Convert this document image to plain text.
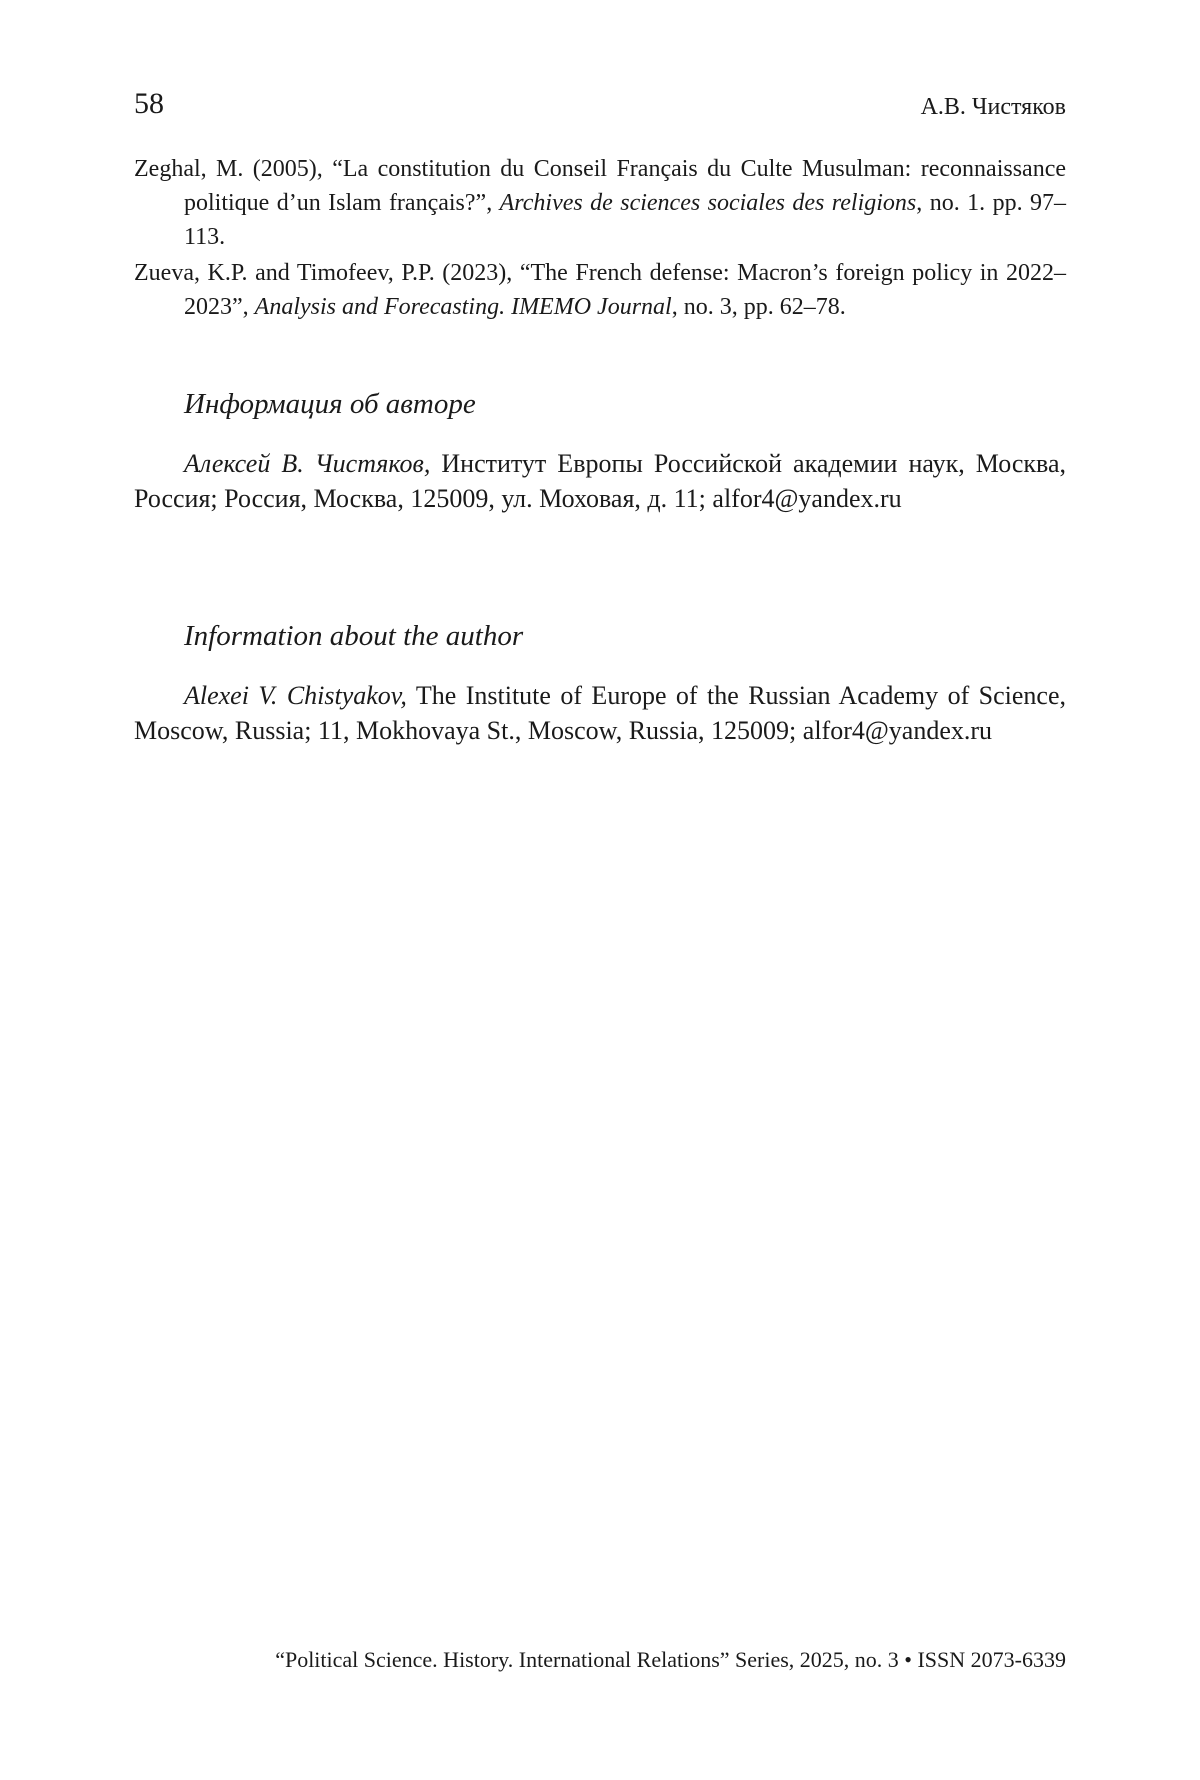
58	А.В. Чистяков

Zeghal, M. (2005), “La constitution du Conseil Français du Culte Musulman: reconnaissance politique d’un Islam français?”, Archives de sciences sociales des religions, no. 1. pp. 97–113.

Zueva, K.P. and Timofeev, P.P. (2023), “The French defense: Macron’s foreign policy in 2022–2023”, Analysis and Forecasting. IMEMO Journal, no. 3, pp. 62–78.

Информация об авторе

Алексей В. Чистяков, Институт Европы Российской академии наук, Москва, Россия; Россия, Москва, 125009, ул. Моховая, д. 11; alfor4@yandex.ru

Information about the author

Alexei V. Chistyakov, The Institute of Europe of the Russian Academy of Science, Moscow, Russia; 11, Mokhovaya St., Moscow, Russia, 125009; alfor4@yandex.ru

“Political Science. History. International Relations” Series, 2025, no. 3 • ISSN 2073-6339
